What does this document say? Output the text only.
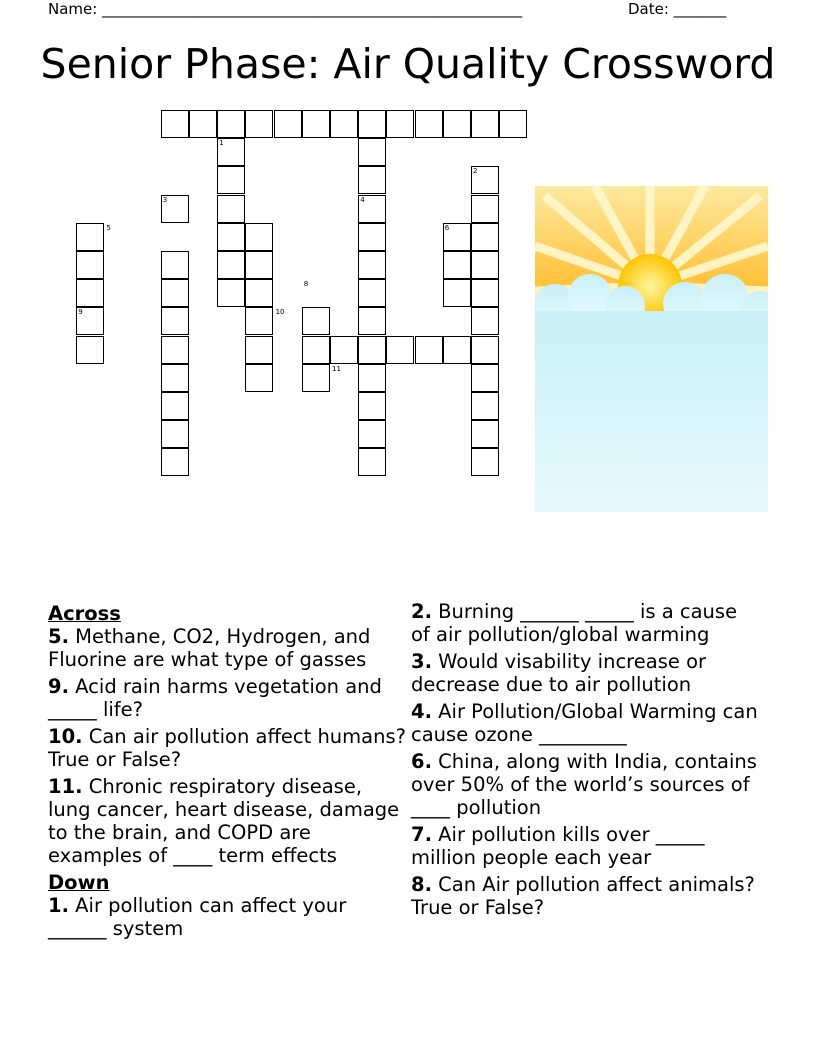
Name: ________________________________________________________	Date: _______
Senior Phase: Air Quality Crossword
1
2
3	4
5	6
8
9	10
11
Across
5. Methane, CO2, Hydrogen, and Fluorine are what type of gasses
9. Acid rain harms vegetation and _____ life?
10. Can air pollution affect humans? True or False?
11. Chronic respiratory disease, lung cancer, heart disease, damage to the brain, and COPD are examples of ____ term effects
Down
1. Air pollution can affect your ______ system
2. Burning ______ _____ is a cause of air pollution/global warming
3. Would visability increase or decrease due to air pollution
4. Air Pollution/Global Warming can cause ozone _________
6. China, along with India, contains over 50% of the world’s sources of ____ pollution
7. Air pollution kills over _____ million people each year
8. Can Air pollution affect animals? True or False?
